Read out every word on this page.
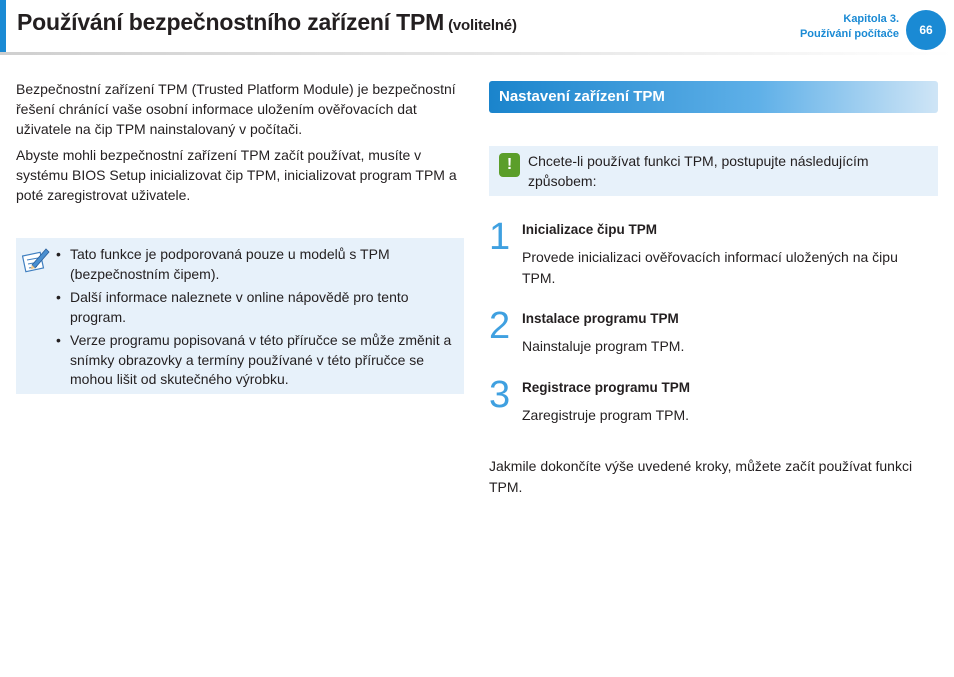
Používání bezpečnostního zařízení TPM (volitelné)	Kapitola 3.
Používání počítače	66

Bezpečnostní zařízení TPM (Trusted Platform Module) je bezpečnostní řešení chránící vaše osobní informace uložením ověřovacích dat uživatele na čip TPM nainstalovaný v počítači.

Abyste mohli bezpečnostní zařízení TPM začít používat, musíte v systému BIOS Setup inicializovat čip TPM, inicializovat program TPM a poté zaregistrovat uživatele.

• Tato funkce je podporovaná pouze u modelů s TPM (bezpečnostním čipem).
• Další informace naleznete v online nápovědě pro tento program.
• Verze programu popisovaná v této příručce se může změnit a snímky obrazovky a termíny používané v této příručce se mohou lišit od skutečného výrobku.
Nastavení zařízení TPM
!	Chcete-li používat funkci TPM, postupujte následujícím způsobem:
1 Inicializace čipu TPM
Provede inicializaci ověřovacích informací uložených na čipu TPM.
2 Instalace programu TPM
Nainstaluje program TPM.
3 Registrace programu TPM
Zaregistruje program TPM.
Jakmile dokončíte výše uvedené kroky, můžete začít používat funkci TPM.
